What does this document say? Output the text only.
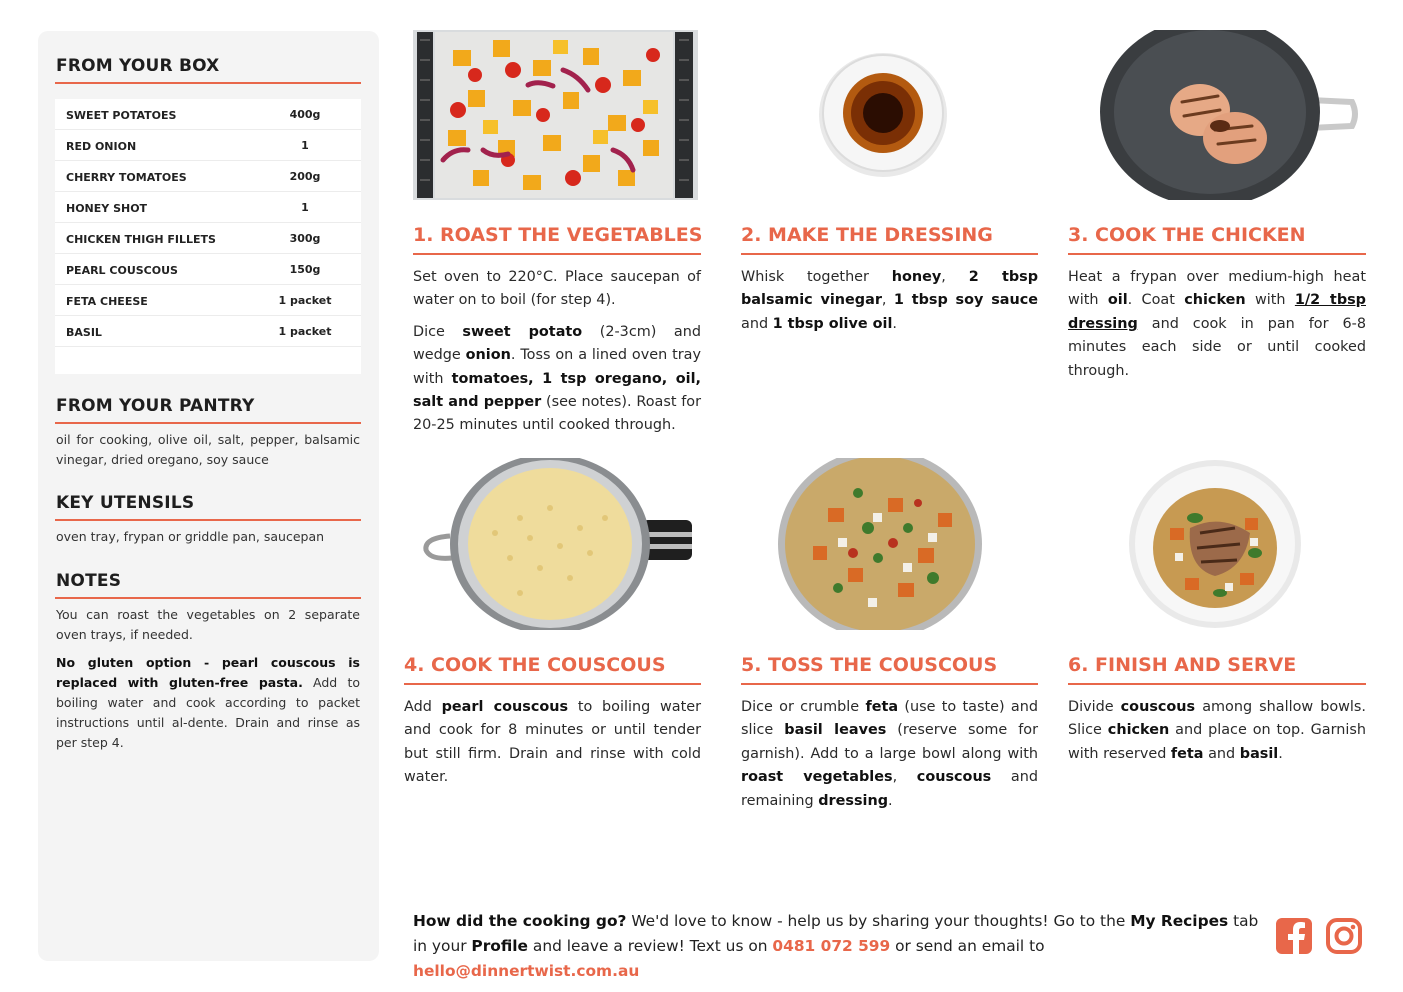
FROM YOUR BOX
SWEET POTATOES	400g
RED ONION	1
CHERRY TOMATOES	200g
HONEY SHOT	1
CHICKEN THIGH FILLETS	300g
PEARL COUSCOUS	150g
FETA CHEESE	1 packet
BASIL	1 packet
FROM YOUR PANTRY
oil for cooking, olive oil, salt, pepper, balsamic vinegar, dried oregano, soy sauce
KEY UTENSILS
oven tray, frypan or griddle pan, saucepan
NOTES
You can roast the vegetables on 2 separate oven trays, if needed.
No gluten option - pearl couscous is replaced with gluten-free pasta. Add to boiling water and cook according to packet instructions until al-dente. Drain and rinse as per step 4.
1. ROAST THE VEGETABLES 2. MAKE THE DRESSING	3. COOK THE CHICKEN
4. COOK THE COUSCOUS	5. TOSS THE COUSCOUS	6. FINISH AND SERVE

Set oven to 220°C. Place saucepan of water on to boil (for step 4).

Dice sweet potato (2-3cm) and wedge onion. Toss on a lined oven tray with tomatoes, 1 tsp oregano, oil, salt and pepper (see notes). Roast for 20-25 minutes until cooked through.

Whisk together honey, 2 tbsp balsamic vinegar, 1 tbsp soy sauce and 1 tbsp olive oil.

Heat a frypan over medium-high heat with oil. Coat chicken with 1/2 tbsp dressing and cook in pan for 6-8 minutes each side or until cooked through.

Add pearl couscous to boiling water and cook for 8 minutes or until tender but still firm. Drain and rinse with cold water.

Dice or crumble feta (use to taste) and slice basil leaves (reserve some for garnish). Add to a large bowl along with roast vegetables, couscous and remaining dressing.

Divide couscous among shallow bowls. Slice chicken and place on top. Garnish with reserved feta and basil.

How did the cooking go? We'd love to know - help us by sharing your thoughts! Go to the My Recipes tab in your Profile and leave a review! Text us on 0481 072 599 or send an email to hello@dinnertwist.com.au
